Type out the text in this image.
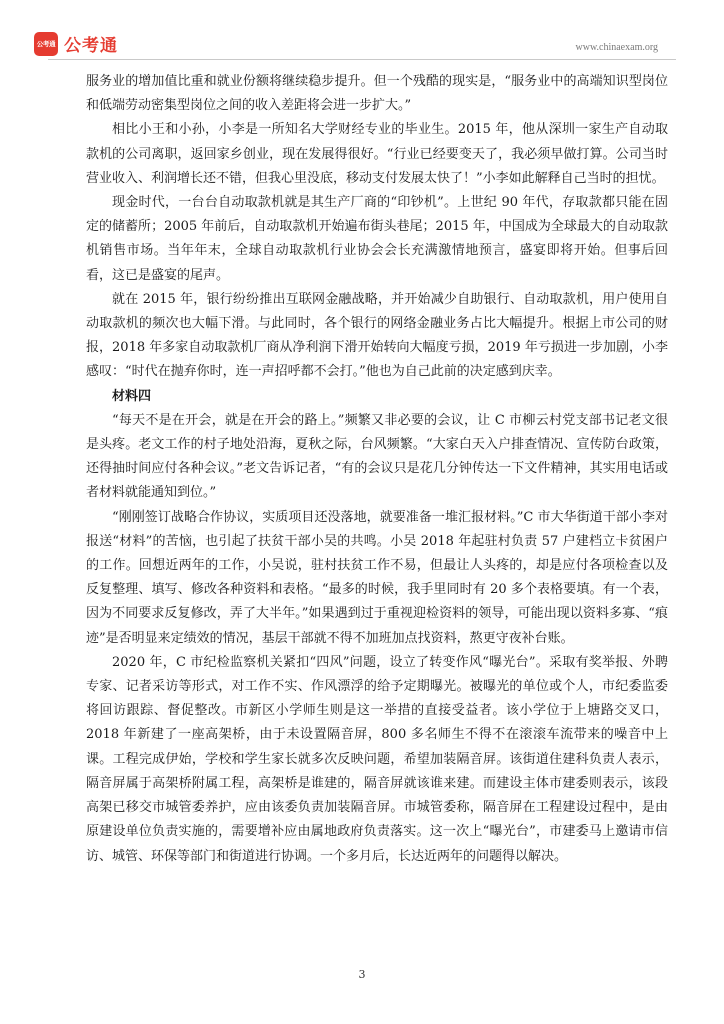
公考通 公考通	www.chinaexam.org

服务业的增加值比重和就业份额将继续稳步提升。但一个残酷的现实是，“服务业中的高端知识型岗位和低端劳动密集型岗位之间的收入差距将会进一步扩大。”

相比小王和小孙，小李是一所知名大学财经专业的毕业生。2015 年，他从深圳一家生产自动取款机的公司离职，返回家乡创业，现在发展得很好。“行业已经要变天了，我必须早做打算。公司当时营业收入、利润增长还不错，但我心里没底，移动支付发展太快了！”小李如此解释自己当时的担忧。

现金时代，一台台自动取款机就是其生产厂商的“印钞机”。上世纪 90 年代，存取款都只能在固定的储蓄所；2005 年前后，自动取款机开始遍布街头巷尾；2015 年，中国成为全球最大的自动取款机销售市场。当年年末，全球自动取款机行业协会会长充满激情地预言，盛宴即将开始。但事后回看，这已是盛宴的尾声。

就在 2015 年，银行纷纷推出互联网金融战略，并开始减少自助银行、自动取款机，用户使用自动取款机的频次也大幅下滑。与此同时，各个银行的网络金融业务占比大幅提升。根据上市公司的财报，2018 年多家自动取款机厂商从净利润下滑开始转向大幅度亏损，2019 年亏损进一步加剧，小李感叹：“时代在抛弃你时，连一声招呼都不会打。”他也为自己此前的决定感到庆幸。

材料四

“每天不是在开会，就是在开会的路上。”频繁又非必要的会议，让 C 市柳云村党支部书记老文很是头疼。老文工作的村子地处沿海，夏秋之际，台风频繁。“大家白天入户排查情况、宣传防台政策，还得抽时间应付各种会议。”老文告诉记者，“有的会议只是花几分钟传达一下文件精神，其实用电话或者材料就能通知到位。”

“刚刚签订战略合作协议，实质项目还没落地，就要准备一堆汇报材料。”C 市大华街道干部小李对报送“材料”的苦恼，也引起了扶贫干部小吴的共鸣。小吴 2018 年起驻村负责 57 户建档立卡贫困户的工作。回想近两年的工作，小吴说，驻村扶贫工作不易，但最让人头疼的，却是应付各项检查以及反复整理、填写、修改各种资料和表格。“最多的时候，我手里同时有 20 多个表格要填。有一个表，因为不同要求反复修改，弄了大半年。”如果遇到过于重视迎检资料的领导，可能出现以资料多寡、“痕迹”是否明显来定绩效的情况，基层干部就不得不加班加点找资料，熬更守夜补台账。

2020 年，C 市纪检监察机关紧扣“四风”问题，设立了转变作风“曝光台”。采取有奖举报、外聘专家、记者采访等形式，对工作不实、作风漂浮的给予定期曝光。被曝光的单位或个人，市纪委监委将回访跟踪、督促整改。市新区小学师生则是这一举措的直接受益者。该小学位于上塘路交叉口，2018 年新建了一座高架桥，由于未设置隔音屏，800 多名师生不得不在滚滚车流带来的噪音中上课。工程完成伊始，学校和学生家长就多次反映问题，希望加装隔音屏。该街道住建科负责人表示，隔音屏属于高架桥附属工程，高架桥是谁建的，隔音屏就该谁来建。而建设主体市建委则表示，该段高架已移交市城管委养护，应由该委负责加装隔音屏。市城管委称，隔音屏在工程建设过程中，是由原建设单位负责实施的，需要增补应由属地政府负责落实。这一次上“曝光台”，市建委马上邀请市信访、城管、环保等部门和街道进行协调。一个多月后，长达近两年的问题得以解决。

3
